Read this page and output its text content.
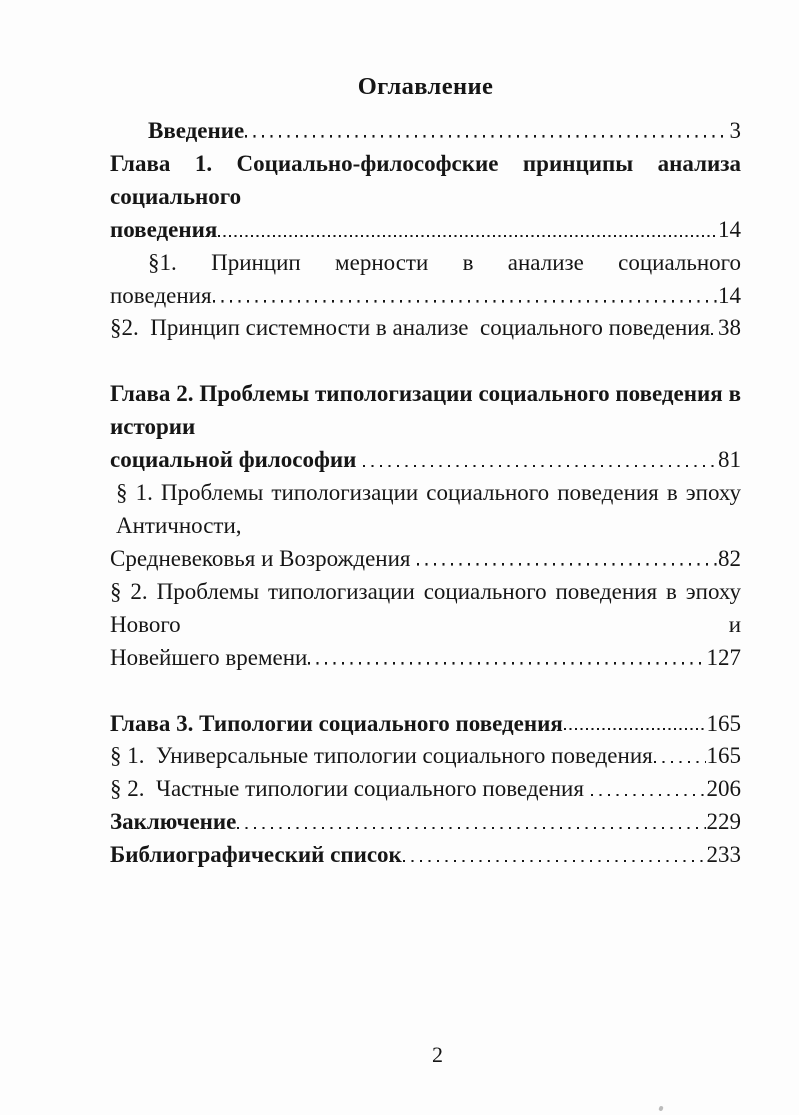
Оглавление
Введение	3
Глава 1. Социально-философские принципы анализа социального
поведения	14
§1. Принцип мерности в анализе социального
поведения	14
§2.  Принцип системности в анализе  социального поведения 38
Глава 2. Проблемы типологизации социального поведения в истории
социальной философии	81
§ 1. Проблемы типологизации социального поведения в эпоху Античности,
Средневековья и Возрождения	82
§ 2. Проблемы типологизации социального поведения в эпоху Нового и
Новейшего времени	127
Глава 3. Типологии социального поведения	165
§ 1.  Универсальные типологии социального поведения 165
§ 2.  Частные типологии социального поведения	206
Заключение	229
Библиографический список	233
2
